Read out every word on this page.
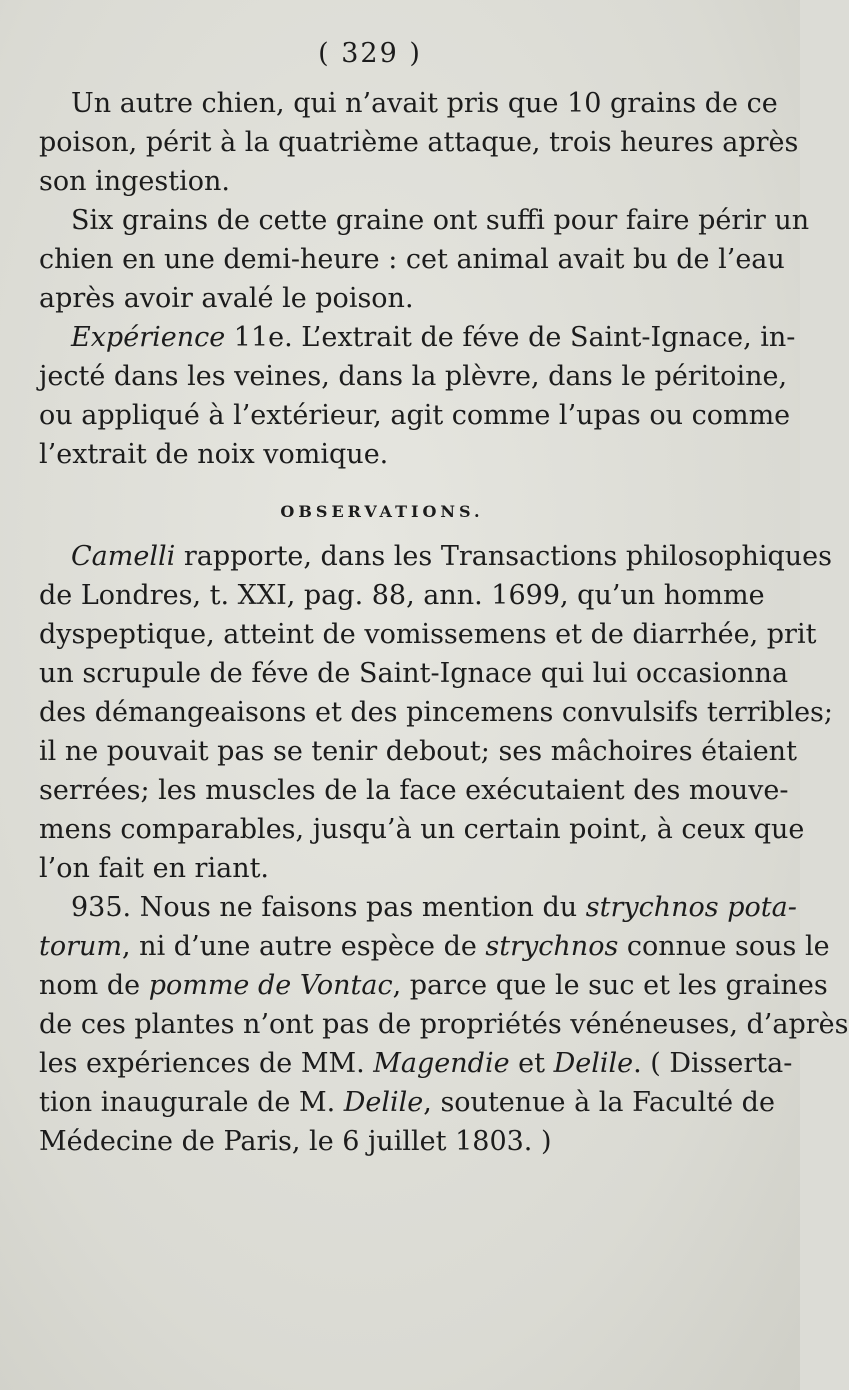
( 329 )
Un autre chien, qui n’avait pris que 10 grains de ce
poison, périt à la quatrième attaque, trois heures après
son ingestion.
Six grains de cette graine ont suffi pour faire périr un
chien en une demi-heure : cet animal avait bu de l’eau
après avoir avalé le poison.
Expérience 11e. L’extrait de féve de Saint-Ignace, in-
jecté dans les veines, dans la plèvre, dans le péritoine,
ou appliqué à l’extérieur, agit comme l’upas ou comme
l’extrait de noix vomique.
OBSERVATIONS.
Camelli rapporte, dans les Transactions philosophiques
de Londres, t. XXI, pag. 88, ann. 1699, qu’un homme
dyspeptique, atteint de vomissemens et de diarrhée, prit
un scrupule de féve de Saint-Ignace qui lui occasionna
des démangeaisons et des pincemens convulsifs terribles;
il ne pouvait pas se tenir debout; ses mâchoires étaient
serrées; les muscles de la face exécutaient des mouve-
mens comparables, jusqu’à un certain point, à ceux que
l’on fait en riant.
935. Nous ne faisons pas mention du strychnos pota-
torum, ni d’une autre espèce de strychnos connue sous le
nom de pomme de Vontac, parce que le suc et les graines
de ces plantes n’ont pas de propriétés vénéneuses, d’après
les expériences de MM. Magendie et Delile. ( Disserta-
tion inaugurale de M. Delile, soutenue à la Faculté de
Médecine de Paris, le 6 juillet 1803. )
